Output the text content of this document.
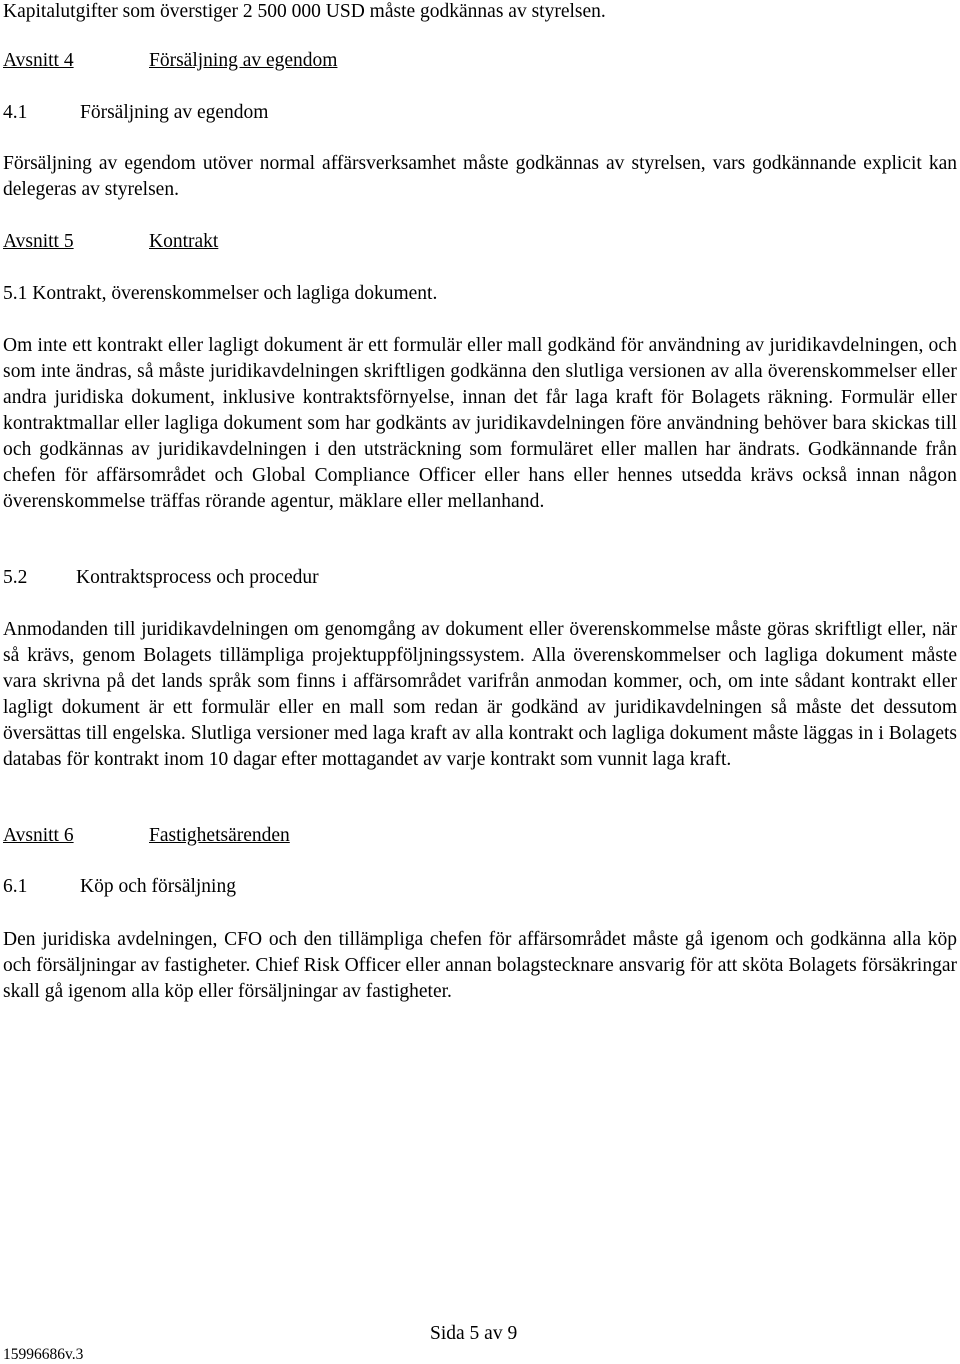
Kapitalutgifter som överstiger 2 500 000 USD måste godkännas av styrelsen.
Avsnitt 4	Försäljning av egendom
4.1	Försäljning av egendom

Försäljning av egendom utöver normal affärsverksamhet måste godkännas av styrelsen, vars godkännande explicit kan delegeras av styrelsen.

Avsnitt 5	Kontrakt
5.1 Kontrakt, överenskommelser och lagliga dokument.

Om inte ett kontrakt eller lagligt dokument är ett formulär eller mall godkänd för användning av juridikavdelningen, och som inte ändras, så måste juridikavdelningen skriftligen godkänna den slutliga versionen av alla överenskommelser eller andra juridiska dokument, inklusive kontraktsförnyelse, innan det får laga kraft för Bolagets räkning. Formulär eller kontraktmallar eller lagliga dokument som har godkänts av juridikavdelningen före användning behöver bara skickas till och godkännas av juridikavdelningen i den utsträckning som formuläret eller mallen har ändrats. Godkännande från chefen för affärsområdet och Global Compliance Officer eller hans eller hennes utsedda krävs också innan någon överenskommelse träffas rörande agentur, mäklare eller mellanhand.

5.2 Kontraktsprocess och procedur

Anmodanden till juridikavdelningen om genomgång av dokument eller överenskommelse måste göras skriftligt eller, när så krävs, genom Bolagets tillämpliga projektuppföljningssystem. Alla överenskommelser och lagliga dokument måste vara skrivna på det lands språk som finns i affärsområdet varifrån anmodan kommer, och, om inte sådant kontrakt eller lagligt dokument är ett formulär eller en mall som redan är godkänd av juridikavdelningen så måste det dessutom översättas till engelska. Slutliga versioner med laga kraft av alla kontrakt och lagliga dokument måste läggas in i Bolagets databas för kontrakt inom 10 dagar efter mottagandet av varje kontrakt som vunnit laga kraft.

Avsnitt 6	Fastighetsärenden
6.1	Köp och försäljning

Den juridiska avdelningen, CFO och den tillämpliga chefen för affärsområdet måste gå igenom och godkänna alla köp och försäljningar av fastigheter. Chief Risk Officer eller annan bolagstecknare ansvarig för att sköta Bolagets försäkringar skall gå igenom alla köp eller försäljningar av fastigheter.

Sida 5 av 9
15996686v.3
